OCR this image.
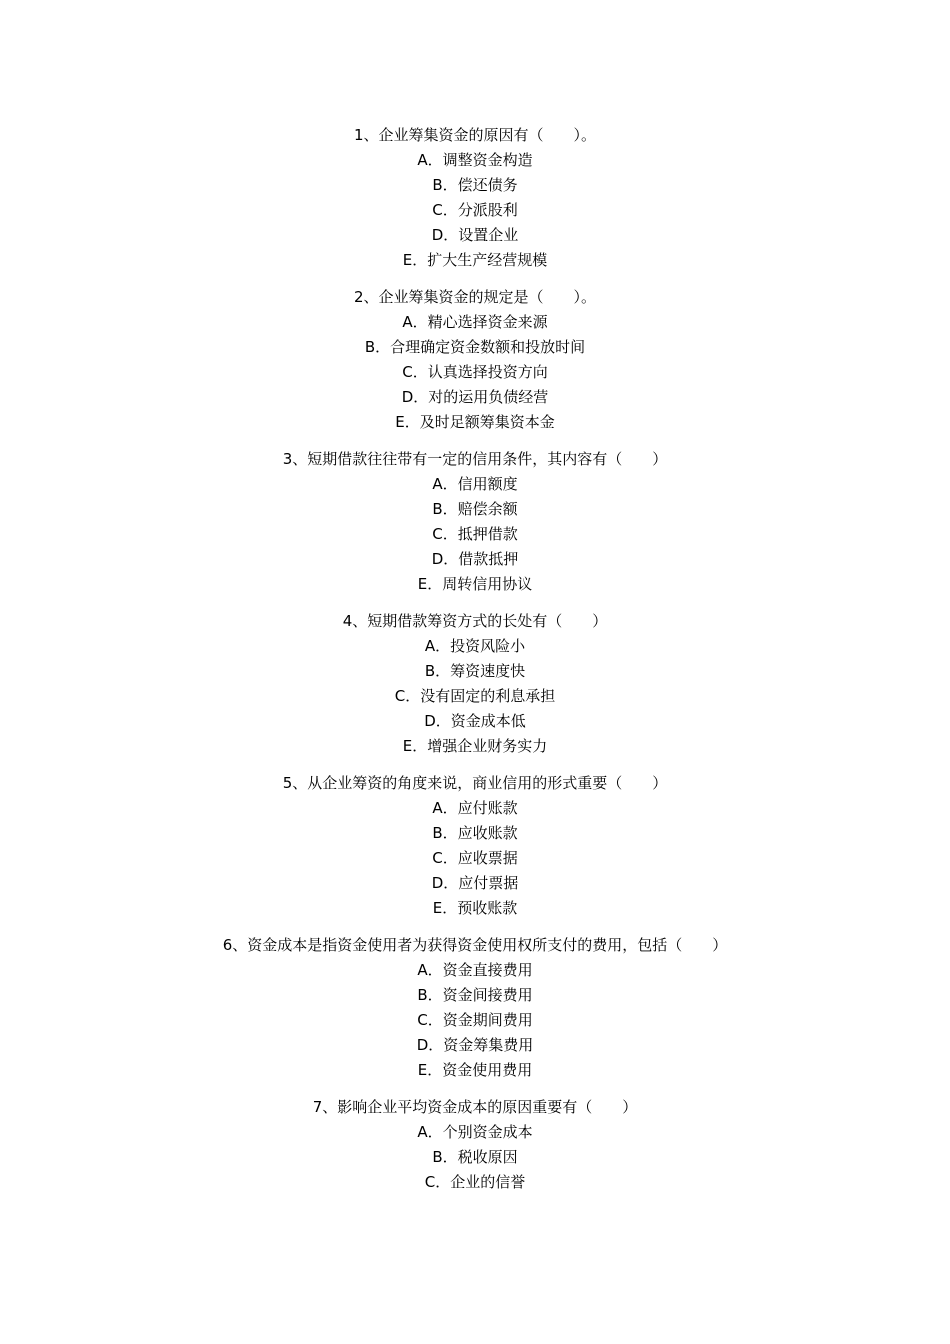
1、企业筹集资金的原因有（　　）。
A．调整资金构造
B．偿还债务
C．分派股利
D．设置企业
E．扩大生产经营规模
2、企业筹集资金的规定是（　　）。
A．精心选择资金来源
B．合理确定资金数额和投放时间
C．认真选择投资方向
D．对的运用负债经营
E．及时足额筹集资本金
3、短期借款往往带有一定的信用条件，其内容有（　　）
A．信用额度
B．赔偿余额
C．抵押借款
D．借款抵押
E．周转信用协议
4、短期借款筹资方式的长处有（　　）
A．投资风险小
B．筹资速度快
C．没有固定的利息承担
D．资金成本低
E．增强企业财务实力
5、从企业筹资的角度来说，商业信用的形式重要（　　）
A．应付账款
B．应收账款
C．应收票据
D．应付票据
E．预收账款
6、资金成本是指资金使用者为获得资金使用权所支付的费用，包括（　　）
A．资金直接费用
B．资金间接费用
C．资金期间费用
D．资金筹集费用
E．资金使用费用
7、影响企业平均资金成本的原因重要有（　　）
A．个别资金成本
B．税收原因
C．企业的信誉
